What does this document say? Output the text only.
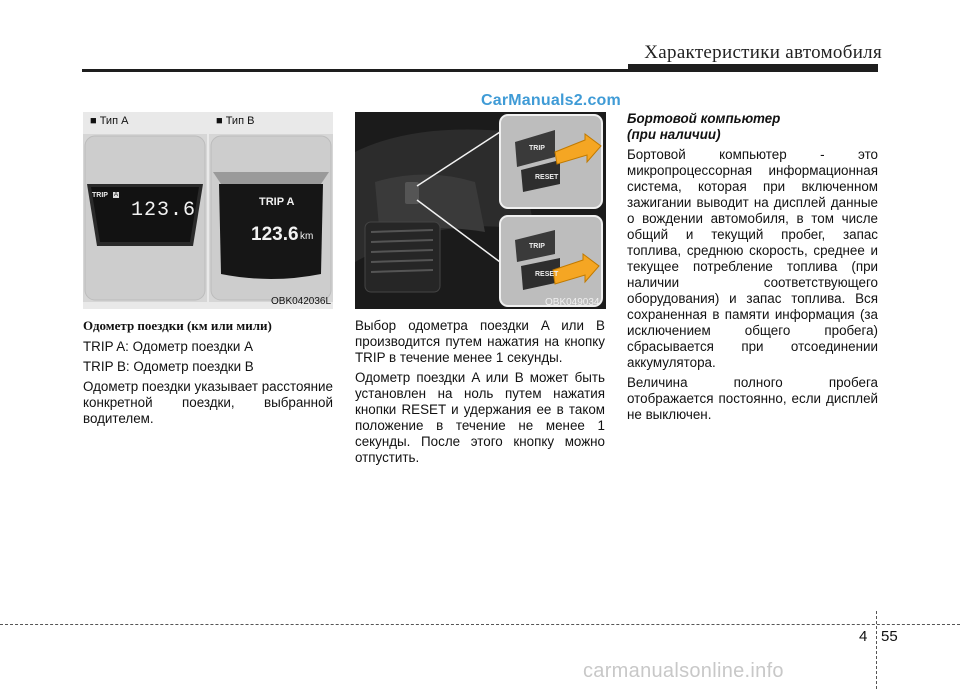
Характеристики автомобиля
CarManuals2.com
■ Тип A	■ Тип B
TRIP A
123.6	TRIP A
123.6 km
OBK042036L
TRIP
RESET
TRIP
RESET
OBK049034

Одометр поездки (км или мили)

TRIP A: Одометр поездки A

TRIP B: Одометр поездки B

Одометр поездки указывает расстояние конкретной поездки, выбранной водителем.

Выбор одометра поездки A или B производится путем нажатия на кнопку TRIP в течение менее 1 секунды.

Одометр поездки A или B может быть установлен на ноль путем нажатия кнопки RESET и удержания ее в таком положение в течение не менее 1 секунды. После этого кнопку можно отпустить.

Бортовой компьютер

(при наличии)

Бортовой компьютер - это микропроцессорная информационная система, которая при включенном зажигании выводит на дисплей данные о вождении автомобиля, в том числе общий и текущий пробег, запас топлива, среднюю скорость, среднее и текущее потребление топлива (при наличии соответствующего оборудования) и запас топлива. Вся сохраненная в памяти информация (за исключением общего пробега) сбрасывается при отсоединении аккумулятора.

Величина полного пробега отображается постоянно, если дисплей не выключен.

4 55
carmanualsonline.info
